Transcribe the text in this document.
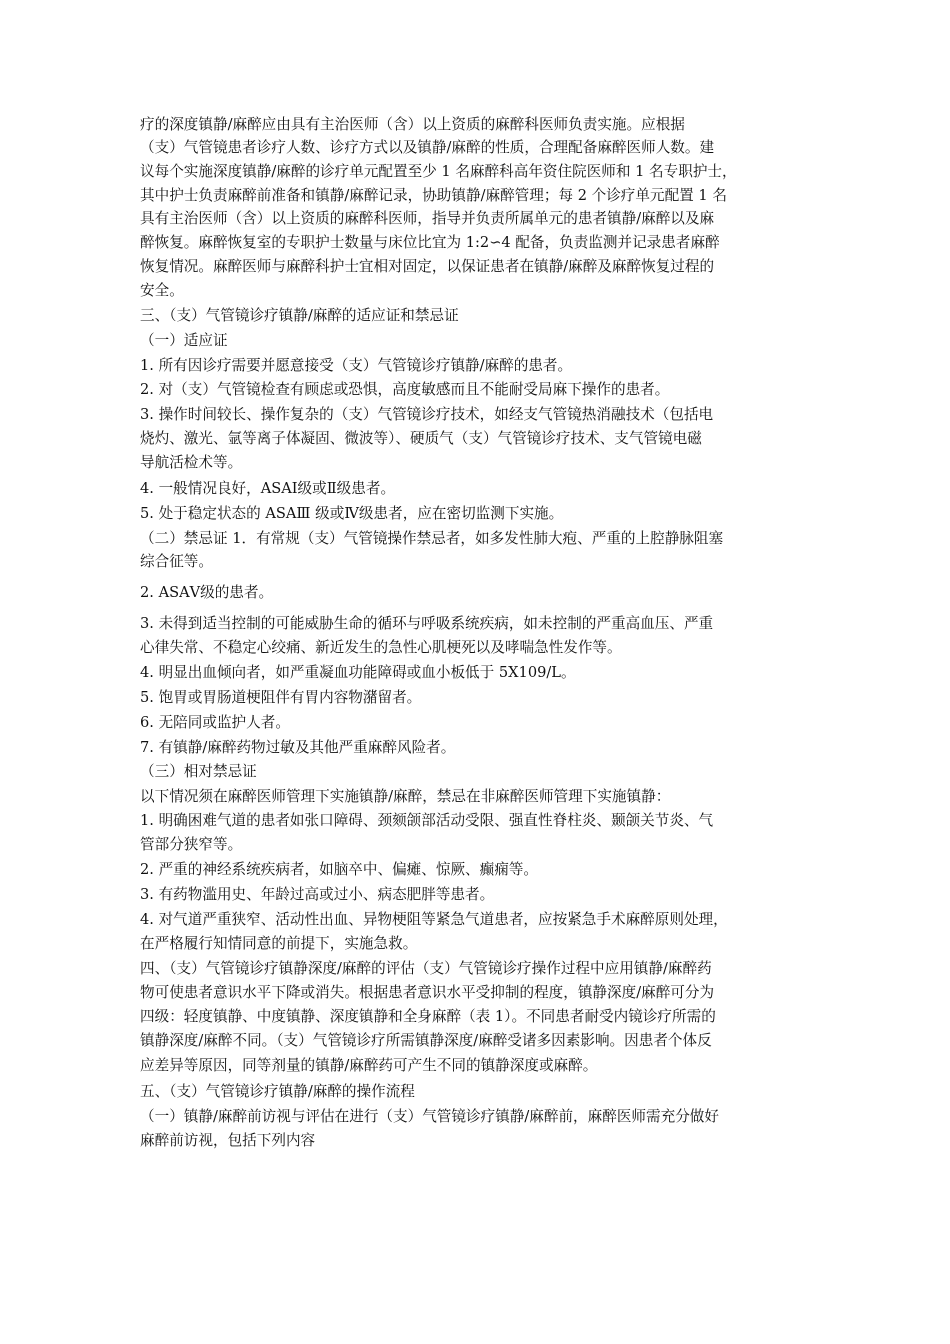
疗的深度镇静/麻醉应由具有主治医师（含）以上资质的麻醉科医师负责实施。应根据
（支）气管镜患者诊疗人数、诊疗方式以及镇静/麻醉的性质，合理配备麻醉医师人数。建
议每个实施深度镇静/麻醉的诊疗单元配置至少 1 名麻醉科高年资住院医师和 1 名专职护士，
其中护士负责麻醉前准备和镇静/麻醉记录，协助镇静/麻醉管理；每 2 个诊疗单元配置 1 名
具有主治医师（含）以上资质的麻醉科医师，指导并负责所属单元的患者镇静/麻醉以及麻
醉恢复。麻醉恢复室的专职护士数量与床位比宜为 1:2∽4 配备，负责监测并记录患者麻醉
恢复情况。麻醉医师与麻醉科护士宜相对固定，以保证患者在镇静/麻醉及麻醉恢复过程的
安全。
三、（支）气管镜诊疗镇静/麻醉的适应证和禁忌证
（一）适应证
1. 所有因诊疗需要并愿意接受（支）气管镜诊疗镇静/麻醉的患者。
2. 对（支）气管镜检查有顾虑或恐惧，高度敏感而且不能耐受局麻下操作的患者。
3. 操作时间较长、操作复杂的（支）气管镜诊疗技术，如经支气管镜热消融技术（包括电
烧灼、激光、氩等离子体凝固、微波等）、硬质气（支）气管镜诊疗技术、支气管镜电磁
导航活检术等。
4. 一般情况良好，ASAⅠ级或Ⅱ级患者。
5. 处于稳定状态的 ASAⅢ 级或Ⅳ级患者，应在密切监测下实施。
（二）禁忌证 1．有常规（支）气管镜操作禁忌者，如多发性肺大疱、严重的上腔静脉阻塞
综合征等。
2. ASAⅤ级的患者。
3. 未得到适当控制的可能威胁生命的循环与呼吸系统疾病，如未控制的严重高血压、严重
心律失常、不稳定心绞痛、新近发生的急性心肌梗死以及哮喘急性发作等。
4. 明显出血倾向者，如严重凝血功能障碍或血小板低于 5X109/L。
5. 饱胃或胃肠道梗阻伴有胃内容物潴留者。
6. 无陪同或监护人者。
7. 有镇静/麻醉药物过敏及其他严重麻醉风险者。
（三）相对禁忌证
以下情况须在麻醉医师管理下实施镇静/麻醉，禁忌在非麻醉医师管理下实施镇静：
1. 明确困难气道的患者如张口障碍、颈颏颌部活动受限、强直性脊柱炎、颞颌关节炎、气
管部分狭窄等。
2. 严重的神经系统疾病者，如脑卒中、偏瘫、惊厥、癫痫等。
3. 有药物滥用史、年龄过高或过小、病态肥胖等患者。
4. 对气道严重狭窄、活动性出血、异物梗阻等紧急气道患者，应按紧急手术麻醉原则处理，
在严格履行知情同意的前提下，实施急救。
四、（支）气管镜诊疗镇静深度/麻醉的评估（支）气管镜诊疗操作过程中应用镇静/麻醉药
物可使患者意识水平下降或消失。根据患者意识水平受抑制的程度，镇静深度/麻醉可分为
四级：轻度镇静、中度镇静、深度镇静和全身麻醉（表 1）。不同患者耐受内镜诊疗所需的
镇静深度/麻醉不同。（支）气管镜诊疗所需镇静深度/麻醉受诸多因素影响。因患者个体反
应差异等原因，同等剂量的镇静/麻醉药可产生不同的镇静深度或麻醉。
五、（支）气管镜诊疗镇静/麻醉的操作流程
（一）镇静/麻醉前访视与评估在进行（支）气管镜诊疗镇静/麻醉前，麻醉医师需充分做好
麻醉前访视，包括下列内容
